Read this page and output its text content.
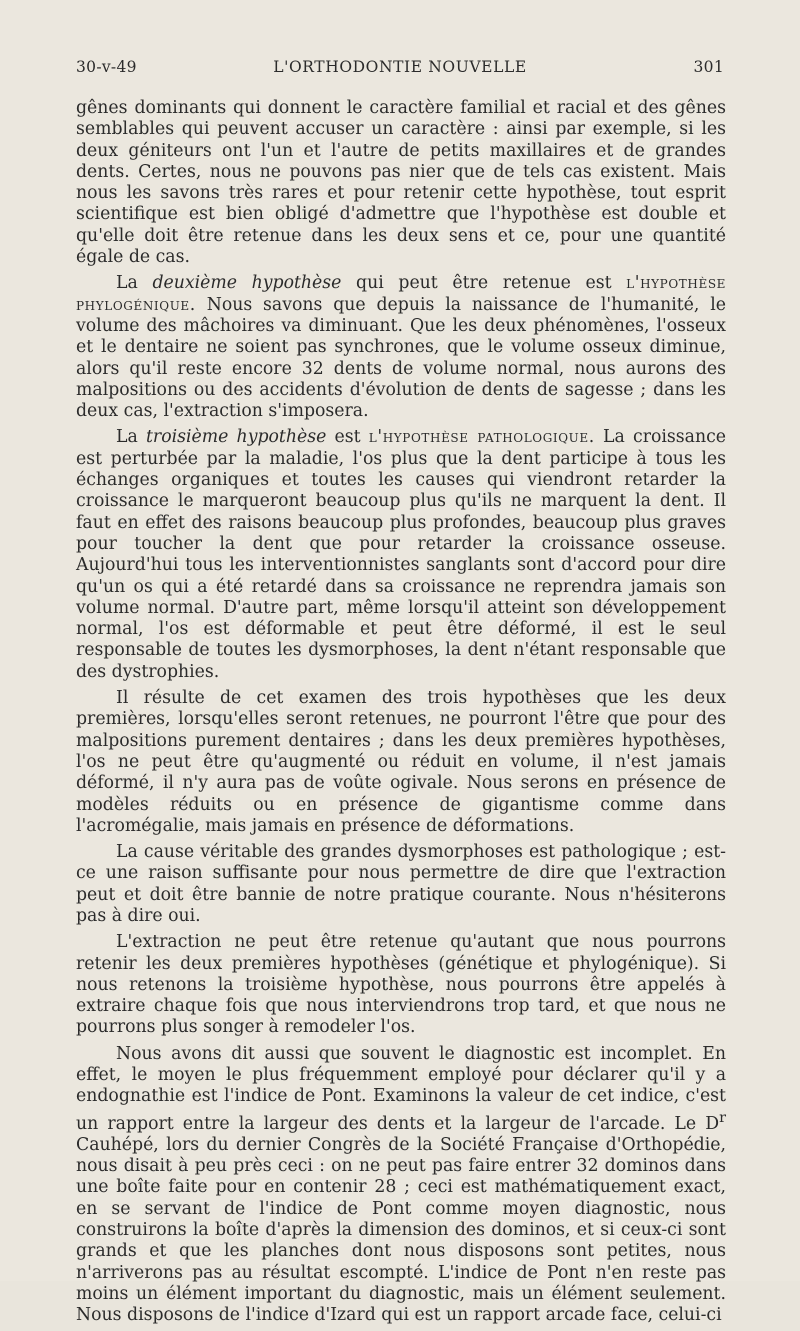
30-v-49	L'ORTHODONTIE NOUVELLE	301

gênes dominants qui donnent le caractère familial et racial et des gênes semblables qui peuvent accuser un caractère : ainsi par exemple, si les deux géniteurs ont l'un et l'autre de petits maxillaires et de grandes dents. Certes, nous ne pouvons pas nier que de tels cas existent. Mais nous les savons très rares et pour retenir cette hypothèse, tout esprit scientifique est bien obligé d'admettre que l'hypothèse est double et qu'elle doit être retenue dans les deux sens et ce, pour une quantité égale de cas.

La deuxième hypothèse qui peut être retenue est l'hypothèse phylogénique. Nous savons que depuis la naissance de l'humanité, le volume des mâchoires va diminuant. Que les deux phénomènes, l'osseux et le dentaire ne soient pas synchrones, que le volume osseux diminue, alors qu'il reste encore 32 dents de volume normal, nous aurons des malpositions ou des accidents d'évolution de dents de sagesse ; dans les deux cas, l'extraction s'imposera.

La troisième hypothèse est l'hypothèse pathologique. La croissance est perturbée par la maladie, l'os plus que la dent participe à tous les échanges organiques et toutes les causes qui viendront retarder la croissance le marqueront beaucoup plus qu'ils ne marquent la dent. Il faut en effet des raisons beaucoup plus profondes, beaucoup plus graves pour toucher la dent que pour retarder la croissance osseuse. Aujourd'hui tous les interventionnistes sanglants sont d'accord pour dire qu'un os qui a été retardé dans sa croissance ne reprendra jamais son volume normal. D'autre part, même lorsqu'il atteint son développement normal, l'os est déformable et peut être déformé, il est le seul responsable de toutes les dysmorphoses, la dent n'étant responsable que des dystrophies.

Il résulte de cet examen des trois hypothèses que les deux premières, lorsqu'elles seront retenues, ne pourront l'être que pour des malpositions purement dentaires ; dans les deux premières hypothèses, l'os ne peut être qu'augmenté ou réduit en volume, il n'est jamais déformé, il n'y aura pas de voûte ogivale. Nous serons en présence de modèles réduits ou en présence de gigantisme comme dans l'acromégalie, mais jamais en présence de déformations.

La cause véritable des grandes dysmorphoses est pathologique ; est-ce une raison suffisante pour nous permettre de dire que l'extraction peut et doit être bannie de notre pratique courante. Nous n'hésiterons pas à dire oui.

L'extraction ne peut être retenue qu'autant que nous pourrons retenir les deux premières hypothèses (génétique et phylogénique). Si nous retenons la troisième hypothèse, nous pourrons être appelés à extraire chaque fois que nous interviendrons trop tard, et que nous ne pourrons plus songer à remodeler l'os.

Nous avons dit aussi que souvent le diagnostic est incomplet. En effet, le moyen le plus fréquemment employé pour déclarer qu'il y a endognathie est l'indice de Pont. Examinons la valeur de cet indice, c'est un rapport entre la largeur des dents et la largeur de l'arcade. Le $D^r$ Cauhépé, lors du dernier Congrès de la Société Française d'Orthopédie, nous disait à peu près ceci : on ne peut pas faire entrer 32 dominos dans une boîte faite pour en contenir 28 ; ceci est mathématiquement exact, en se servant de l'indice de Pont comme moyen diagnostic, nous construirons la boîte d'après la dimension des dominos, et si ceux-ci sont grands et que les planches dont nous disposons sont petites, nous n'arriverons pas au résultat escompté. L'indice de Pont n'en reste pas moins un élément important du diagnostic, mais un élément seulement. Nous disposons de l'indice d'Izard qui est un rapport arcade face, celui-ci
